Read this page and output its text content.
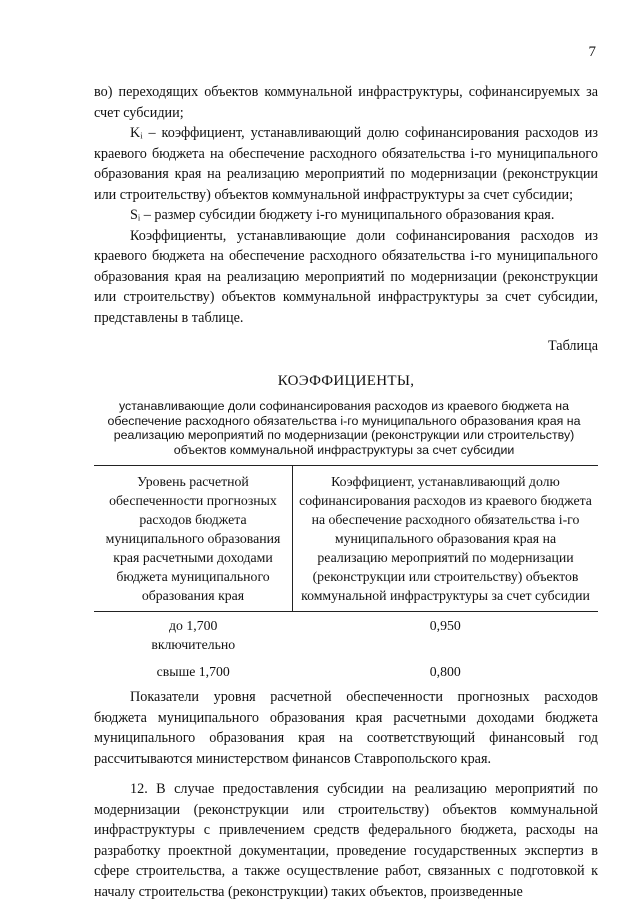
7

во) переходящих объектов коммунальной инфраструктуры, софинансируемых за счет субсидии;

Kᵢ – коэффициент, устанавливающий долю софинансирования расходов из краевого бюджета на обеспечение расходного обязательства i-го муниципального образования края на реализацию мероприятий по модернизации (реконструкции или строительству) объектов коммунальной инфраструктуры за счет субсидии;

Sᵢ – размер субсидии бюджету i-го муниципального образования края.

Коэффициенты, устанавливающие доли софинансирования расходов из краевого бюджета на обеспечение расходного обязательства i-го муниципального образования края на реализацию мероприятий по модернизации (реконструкции или строительству) объектов коммунальной инфраструктуры за счет субсидии, представлены в таблице.

Таблица

КОЭФФИЦИЕНТЫ,

устанавливающие доли софинансирования расходов из краевого бюджета на обеспечение расходного обязательства i-го муниципального образования края на реализацию мероприятий по модернизации (реконструкции или строительству) объектов коммунальной инфраструктуры за счет субсидии

Уровень расчетной обеспеченности прогнозных расходов бюджета муниципального образования края расчетными доходами бюджета муниципального образования края	Коэффициент, устанавливающий долю софинансирования расходов из краевого бюджета на обеспечение расходного обязательства i-го муниципального образования края на реализацию мероприятий по модернизации (реконструкции или строительству) объектов коммунальной инфраструктуры за счет субсидии

до 1,700
включительно	0,950
свыше 1,700	0,800

Показатели уровня расчетной обеспеченности прогнозных расходов бюджета муниципального образования края расчетными доходами бюджета муниципального образования края на соответствующий финансовый год рассчитываются министерством финансов Ставропольского края.

12. В случае предоставления субсидии на реализацию мероприятий по модернизации (реконструкции или строительству) объектов коммунальной инфраструктуры с привлечением средств федерального бюджета, расходы на разработку проектной документации, проведение государственных экспертиз в сфере строительства, а также осуществление работ, связанных с подготовкой к началу строительства (реконструкции) таких объектов, произведенные
